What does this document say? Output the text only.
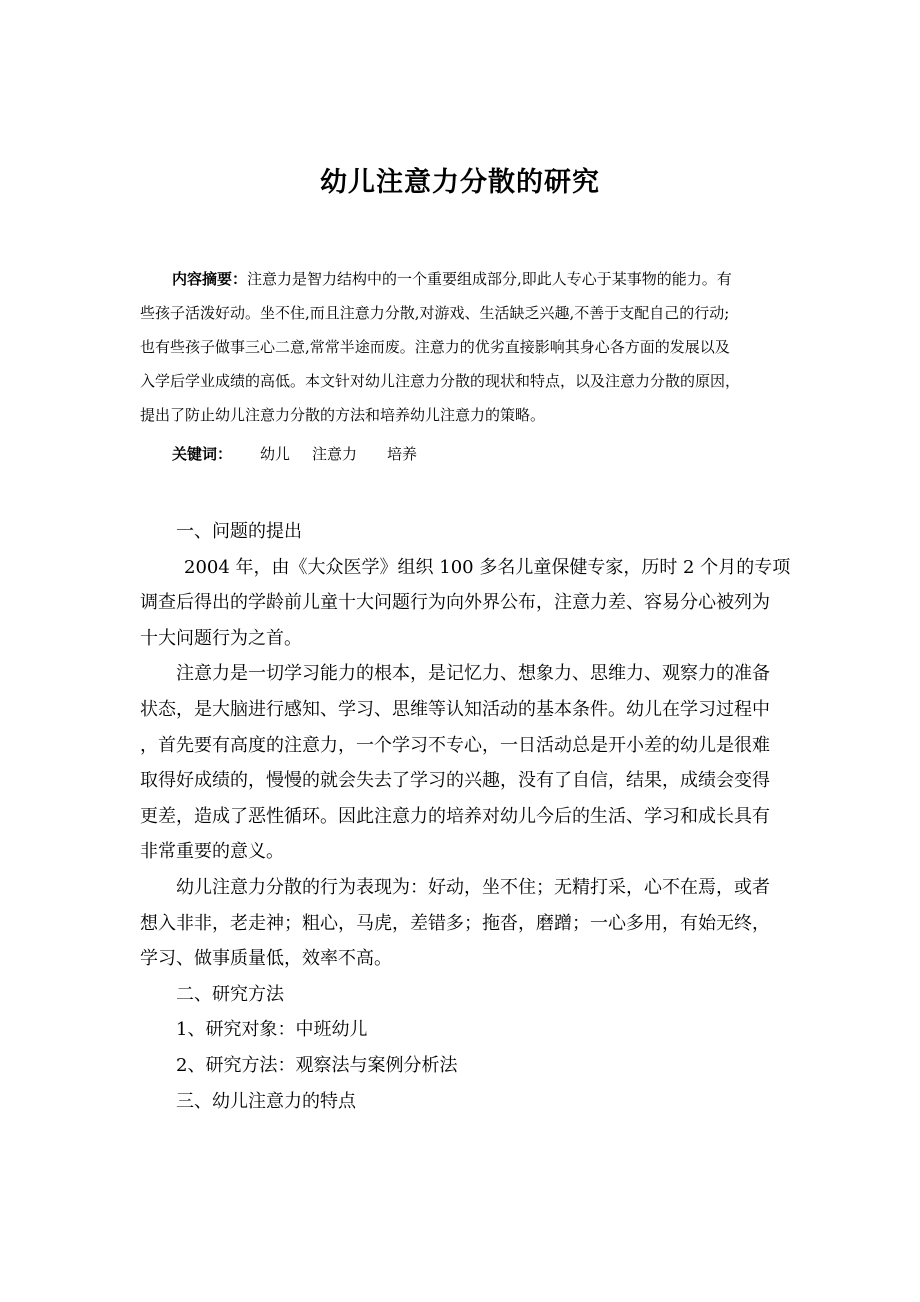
幼儿注意力分散的研究
内容摘要：注意力是智力结构中的一个重要组成部分,即此人专心于某事物的能力。有
些孩子活泼好动。坐不住,而且注意力分散,对游戏、生活缺乏兴趣,不善于支配自己的行动;
也有些孩子做事三心二意,常常半途而废。注意力的优劣直接影响其身心各方面的发展以及
入学后学业成绩的高低。本文针对幼儿注意力分散的现状和特点，以及注意力分散的原因，
提出了防止幼儿注意力分散的方法和培养幼儿注意力的策略。
关键词： 幼儿 注意力 培养
一、问题的提出
2004 年，由《大众医学》组织 100 多名儿童保健专家，历时 2 个月的专项
调查后得出的学龄前儿童十大问题行为向外界公布，注意力差、容易分心被列为
十大问题行为之首。
注意力是一切学习能力的根本，是记忆力、想象力、思维力、观察力的准备
状态，是大脑进行感知、学习、思维等认知活动的基本条件。幼儿在学习过程中
，首先要有高度的注意力，一个学习不专心，一日活动总是开小差的幼儿是很难
取得好成绩的，慢慢的就会失去了学习的兴趣，没有了自信，结果，成绩会变得
更差，造成了恶性循环。因此注意力的培养对幼儿今后的生活、学习和成长具有
非常重要的意义。
幼儿注意力分散的行为表现为：好动，坐不住；无精打采，心不在焉，或者
想入非非，老走神；粗心，马虎，差错多；拖沓，磨蹭；一心多用，有始无终，
学习、做事质量低，效率不高。
二、研究方法
1、研究对象：中班幼儿
2、研究方法：观察法与案例分析法
三、幼儿注意力的特点
